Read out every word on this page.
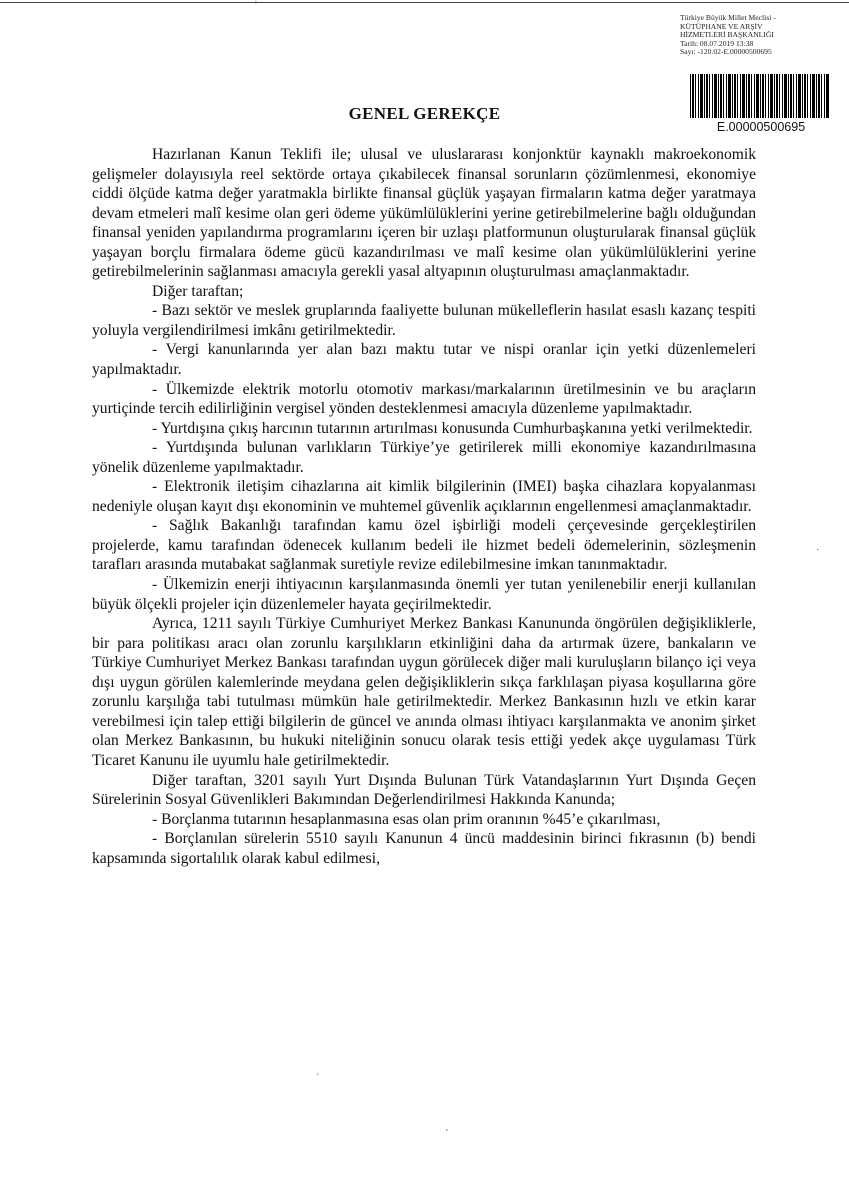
Türkiye Büyük Millet Meclisi -
KÜTÜPHANE VE ARŞİV
HİZMETLERİ BAŞKANLIĞI
Tarih: 08.07.2019 13:38
Sayı: -120.02-E.00000500695
E.00000500695
GENEL GEREKÇE

Hazırlanan Kanun Teklifi ile; ulusal ve uluslararası konjonktür kaynaklı makroekonomik gelişmeler dolayısıyla reel sektörde ortaya çıkabilecek finansal sorunların çözümlenmesi, ekonomiye ciddi ölçüde katma değer yaratmakla birlikte finansal güçlük yaşayan firmaların katma değer yaratmaya devam etmeleri malî kesime olan geri ödeme yükümlülüklerini yerine getirebilmelerine bağlı olduğundan finansal yeniden yapılandırma programlarını içeren bir uzlaşı platformunun oluşturularak finansal güçlük yaşayan borçlu firmalara ödeme gücü kazandırılması ve malî kesime olan yükümlülüklerini yerine getirebilmelerinin sağlanması amacıyla gerekli yasal altyapının oluşturulması amaçlanmaktadır.

Diğer taraftan;

- Bazı sektör ve meslek gruplarında faaliyette bulunan mükelleflerin hasılat esaslı kazanç tespiti yoluyla vergilendirilmesi imkânı getirilmektedir.

- Vergi kanunlarında yer alan bazı maktu tutar ve nispi oranlar için yetki düzenlemeleri yapılmaktadır.

- Ülkemizde elektrik motorlu otomotiv markası/markalarının üretilmesinin ve bu araçların yurtiçinde tercih edilirliğinin vergisel yönden desteklenmesi amacıyla düzenleme yapılmaktadır.

- Yurtdışına çıkış harcının tutarının artırılması konusunda Cumhurbaşkanına yetki verilmektedir.

- Yurtdışında bulunan varlıkların Türkiye’ye getirilerek milli ekonomiye kazandırılmasına yönelik düzenleme yapılmaktadır.

- Elektronik iletişim cihazlarına ait kimlik bilgilerinin (IMEI) başka cihazlara kopyalanması nedeniyle oluşan kayıt dışı ekonominin ve muhtemel güvenlik açıklarının engellenmesi amaçlanmaktadır.

- Sağlık Bakanlığı tarafından kamu özel işbirliği modeli çerçevesinde gerçekleştirilen projelerde, kamu tarafından ödenecek kullanım bedeli ile hizmet bedeli ödemelerinin, sözleşmenin tarafları arasında mutabakat sağlanmak suretiyle revize edilebilmesine imkan tanınmaktadır.

- Ülkemizin enerji ihtiyacının karşılanmasında önemli yer tutan yenilenebilir enerji kullanılan büyük ölçekli projeler için düzenlemeler hayata geçirilmektedir.

Ayrıca, 1211 sayılı Türkiye Cumhuriyet Merkez Bankası Kanununda öngörülen değişikliklerle, bir para politikası aracı olan zorunlu karşılıkların etkinliğini daha da artırmak üzere, bankaların ve Türkiye Cumhuriyet Merkez Bankası tarafından uygun görülecek diğer mali kuruluşların bilanço içi veya dışı uygun görülen kalemlerinde meydana gelen değişikliklerin sıkça farklılaşan piyasa koşullarına göre zorunlu karşılığa tabi tutulması mümkün hale getirilmektedir. Merkez Bankasının hızlı ve etkin karar verebilmesi için talep ettiği bilgilerin de güncel ve anında olması ihtiyacı karşılanmakta ve anonim şirket olan Merkez Bankasının, bu hukuki niteliğinin sonucu olarak tesis ettiği yedek akçe uygulaması Türk Ticaret Kanunu ile uyumlu hale getirilmektedir.

Diğer taraftan, 3201 sayılı Yurt Dışında Bulunan Türk Vatandaşlarının Yurt Dışında Geçen Sürelerinin Sosyal Güvenlikleri Bakımından Değerlendirilmesi Hakkında Kanunda;

- Borçlanma tutarının hesaplanmasına esas olan prim oranının %45’e çıkarılması,

- Borçlanılan sürelerin 5510 sayılı Kanunun 4 üncü maddesinin birinci fıkrasının (b) bendi kapsamında sigortalılık olarak kabul edilmesi,

'
·
`
'
